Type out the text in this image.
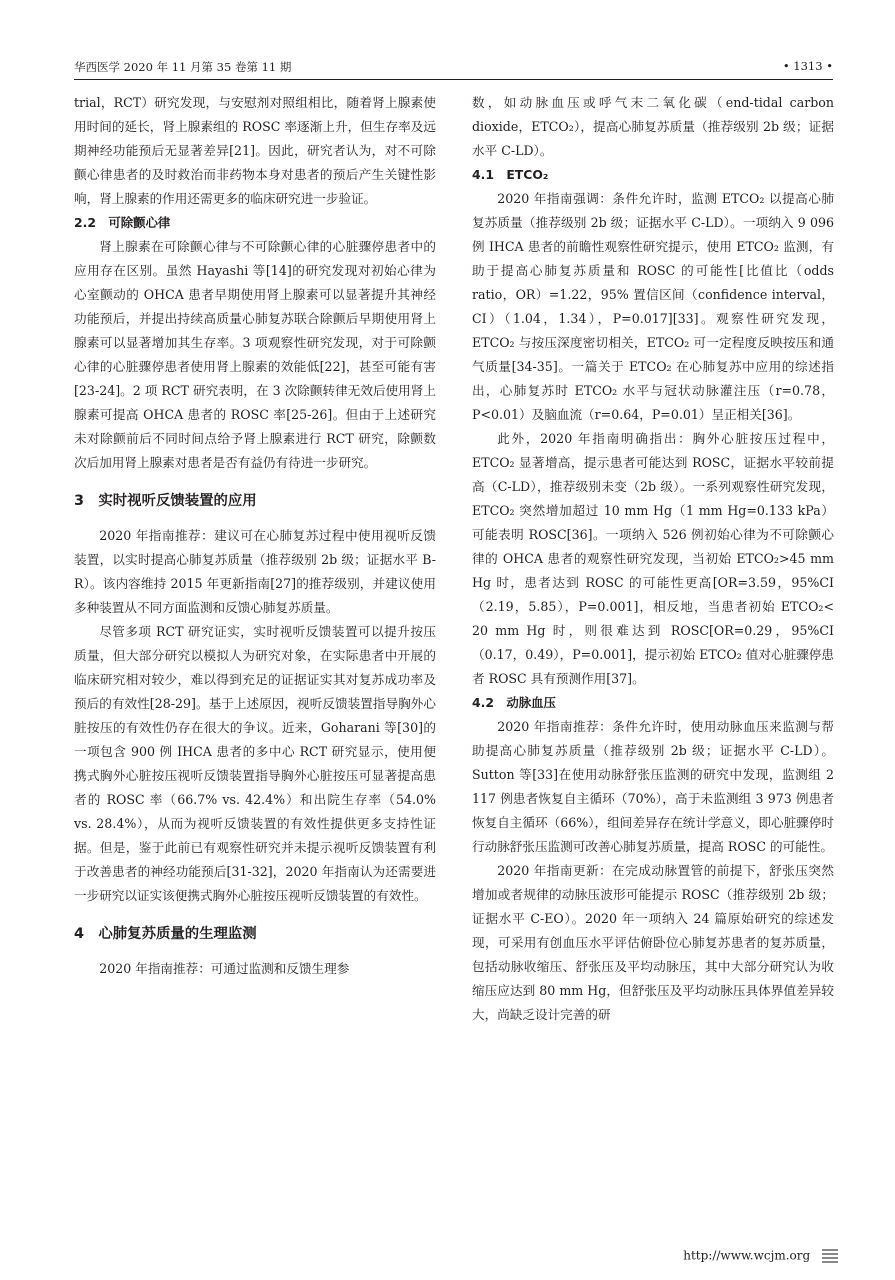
华西医学 2020 年 11 月第 35 卷第 11 期	• 1313 •

trial，RCT）研究发现，与安慰剂对照组相比，随着肾上腺素使用时间的延长，肾上腺素组的 ROSC 率逐渐上升，但生存率及远期神经功能预后无显著差异[21]。因此，研究者认为，对不可除颤心律患者的及时救治而非药物本身对患者的预后产生关键性影响，肾上腺素的作用还需更多的临床研究进一步验证。

2.2　可除颤心律

肾上腺素在可除颤心律与不可除颤心律的心脏骤停患者中的应用存在区别。虽然 Hayashi 等[14]的研究发现对初始心律为心室颤动的 OHCA 患者早期使用肾上腺素可以显著提升其神经功能预后，并提出持续高质量心肺复苏联合除颤后早期使用肾上腺素可以显著增加其生存率。3 项观察性研究发现，对于可除颤心律的心脏骤停患者使用肾上腺素的效能低[22]，甚至可能有害[23-24]。2 项 RCT 研究表明，在 3 次除颤转律无效后使用肾上腺素可提高 OHCA 患者的 ROSC 率[25-26]。但由于上述研究未对除颤前后不同时间点给予肾上腺素进行 RCT 研究，除颤数次后加用肾上腺素对患者是否有益仍有待进一步研究。

3　实时视听反馈装置的应用

2020 年指南推荐：建议可在心肺复苏过程中使用视听反馈装置，以实时提高心肺复苏质量（推荐级别 2b 级；证据水平 B-R）。该内容维持 2015 年更新指南[27]的推荐级别，并建议使用多种装置从不同方面监测和反馈心肺复苏质量。

尽管多项 RCT 研究证实，实时视听反馈装置可以提升按压质量，但大部分研究以模拟人为研究对象，在实际患者中开展的临床研究相对较少，难以得到充足的证据证实其对复苏成功率及预后的有效性[28-29]。基于上述原因，视听反馈装置指导胸外心脏按压的有效性仍存在很大的争议。近来，Goharani 等[30]的一项包含 900 例 IHCA 患者的多中心 RCT 研究显示，使用便携式胸外心脏按压视听反馈装置指导胸外心脏按压可显著提高患者的 ROSC 率（66.7% vs. 42.4%）和出院生存率（54.0% vs. 28.4%），从而为视听反馈装置的有效性提供更多支持性证据。但是，鉴于此前已有观察性研究并未提示视听反馈装置有利于改善患者的神经功能预后[31-32]，2020 年指南认为还需要进一步研究以证实该便携式胸外心脏按压视听反馈装置的有效性。

4　心肺复苏质量的生理监测

2020 年指南推荐：可通过监测和反馈生理参

数，如动脉血压或呼气末二氧化碳（end-tidal carbon dioxide，ETCO₂），提高心肺复苏质量（推荐级别 2b 级；证据水平 C-LD）。

4.1　ETCO₂

2020 年指南强调：条件允许时，监测 ETCO₂ 以提高心肺复苏质量（推荐级别 2b 级；证据水平 C-LD）。一项纳入 9 096 例 IHCA 患者的前瞻性观察性研究提示，使用 ETCO₂ 监测，有助于提高心肺复苏质量和 ROSC 的可能性[比值比（odds ratio，OR）=1.22，95% 置信区间（confidence interval，CI）（1.04，1.34），P=0.017][33]。观察性研究发现，ETCO₂ 与按压深度密切相关，ETCO₂ 可一定程度反映按压和通气质量[34-35]。一篇关于 ETCO₂ 在心肺复苏中应用的综述指出，心肺复苏时 ETCO₂ 水平与冠状动脉灌注压（r=0.78，P<0.01）及脑血流（r=0.64，P=0.01）呈正相关[36]。

此外，2020 年指南明确指出：胸外心脏按压过程中，ETCO₂ 显著增高，提示患者可能达到 ROSC，证据水平较前提高（C-LD），推荐级别未变（2b 级）。一系列观察性研究发现，ETCO₂ 突然增加超过 10 mm Hg（1 mm Hg=0.133 kPa）可能表明 ROSC[36]。一项纳入 526 例初始心律为不可除颤心律的 OHCA 患者的观察性研究发现，当初始 ETCO₂>45 mm Hg 时，患者达到 ROSC 的可能性更高[OR=3.59，95%CI（2.19，5.85），P=0.001]，相反地，当患者初始 ETCO₂< 20 mm Hg 时，则很难达到 ROSC[OR=0.29，95%CI（0.17，0.49），P=0.001]，提示初始 ETCO₂ 值对心脏骤停患者 ROSC 具有预测作用[37]。

4.2　动脉血压

2020 年指南推荐：条件允许时，使用动脉血压来监测与帮助提高心肺复苏质量（推荐级别 2b 级；证据水平 C-LD）。Sutton 等[33]在使用动脉舒张压监测的研究中发现，监测组 2 117 例患者恢复自主循环（70%），高于未监测组 3 973 例患者恢复自主循环（66%），组间差异存在统计学意义，即心脏骤停时行动脉舒张压监测可改善心肺复苏质量，提高 ROSC 的可能性。

2020 年指南更新：在完成动脉置管的前提下，舒张压突然增加或者规律的动脉压波形可能提示 ROSC（推荐级别 2b 级；证据水平 C-EO）。2020 年一项纳入 24 篇原始研究的综述发现，可采用有创血压水平评估俯卧位心肺复苏患者的复苏质量，包括动脉收缩压、舒张压及平均动脉压，其中大部分研究认为收缩压应达到 80 mm Hg，但舒张压及平均动脉压具体界值差异较大，尚缺乏设计完善的研

http://www.wcjm.org
